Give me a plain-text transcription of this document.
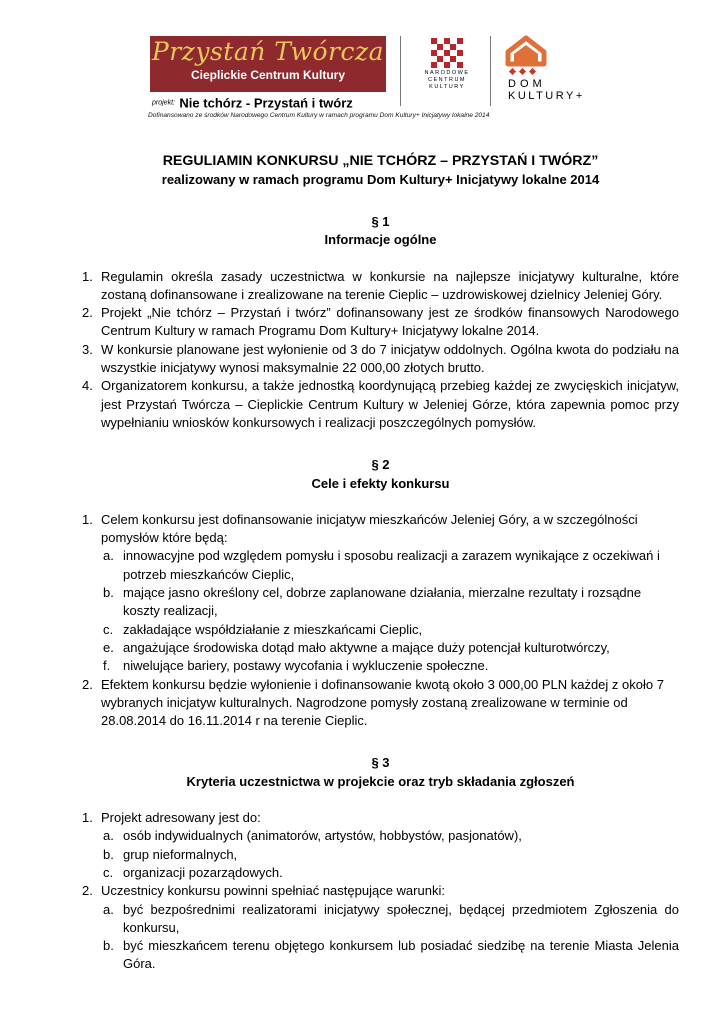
Przystań Twórcza
Cieplickie Centrum Kultury
projekt: Nie tchórz - Przystań i twórz
NARODOWE
CENTRUM
KULTURY	DOM
KULTURY+
Dofinansowano ze środków Narodowego Centrum Kultury w ramach programu Dom Kultury+ Inicjatywy lokalne 2014
REGULIAMIN KONKURSU „NIE TCHÓRZ – PRZYSTAŃ I TWÓRZ”
realizowany w ramach programu Dom Kultury+ Inicjatywy lokalne 2014
§ 1
Informacje ogólne
1. Regulamin określa zasady uczestnictwa w konkursie na najlepsze inicjatywy kulturalne, które zostaną dofinansowane i zrealizowane na terenie Cieplic – uzdrowiskowej dzielnicy Jeleniej Góry.
2. Projekt „Nie tchórz – Przystań i twórz” dofinansowany jest ze środków finansowych Narodowego Centrum Kultury w ramach Programu Dom Kultury+ Inicjatywy lokalne 2014.
3. W konkursie planowane jest wyłonienie od 3 do 7 inicjatyw oddolnych. Ogólna kwota do podziału na wszystkie inicjatywy wynosi maksymalnie 22 000,00 złotych brutto.
4. Organizatorem konkursu, a także jednostką koordynującą przebieg każdej ze zwycięskich inicjatyw, jest Przystań Twórcza – Cieplickie Centrum Kultury w Jeleniej Górze, która zapewnia pomoc przy wypełnianiu wniosków konkursowych i realizacji poszczególnych pomysłów.
§ 2
Cele i efekty konkursu
1. Celem konkursu jest dofinansowanie inicjatyw mieszkańców Jeleniej Góry, a w szczególności pomysłów które będą:
a. innowacyjne pod względem pomysłu i sposobu realizacji a zarazem wynikające z oczekiwań i potrzeb mieszkańców Cieplic,
b. mające jasno określony cel, dobrze zaplanowane działania, mierzalne rezultaty i rozsądne koszty realizacji,
c. zakładające współdziałanie z mieszkańcami Cieplic,
e. angażujące środowiska dotąd mało aktywne a mające duży potencjał kulturotwórczy,
f. niwelujące bariery, postawy wycofania i wykluczenie społeczne.
2. Efektem konkursu będzie wyłonienie i dofinansowanie kwotą około 3 000,00 PLN każdej z około 7 wybranych inicjatyw kulturalnych. Nagrodzone pomysły zostaną zrealizowane w terminie od 28.08.2014 do 16.11.2014 r na terenie Cieplic.
§ 3
Kryteria uczestnictwa w projekcie oraz tryb składania zgłoszeń
1. Projekt adresowany jest do:
a. osób indywidualnych (animatorów, artystów, hobbystów, pasjonatów),
b. grup nieformalnych,
c. organizacji pozarządowych.
2. Uczestnicy konkursu powinni spełniać następujące warunki:
a. być bezpośrednimi realizatorami inicjatywy społecznej, będącej przedmiotem Zgłoszenia do konkursu,
b. być mieszkańcem terenu objętego konkursem lub posiadać siedzibę na terenie Miasta Jelenia Góra.
